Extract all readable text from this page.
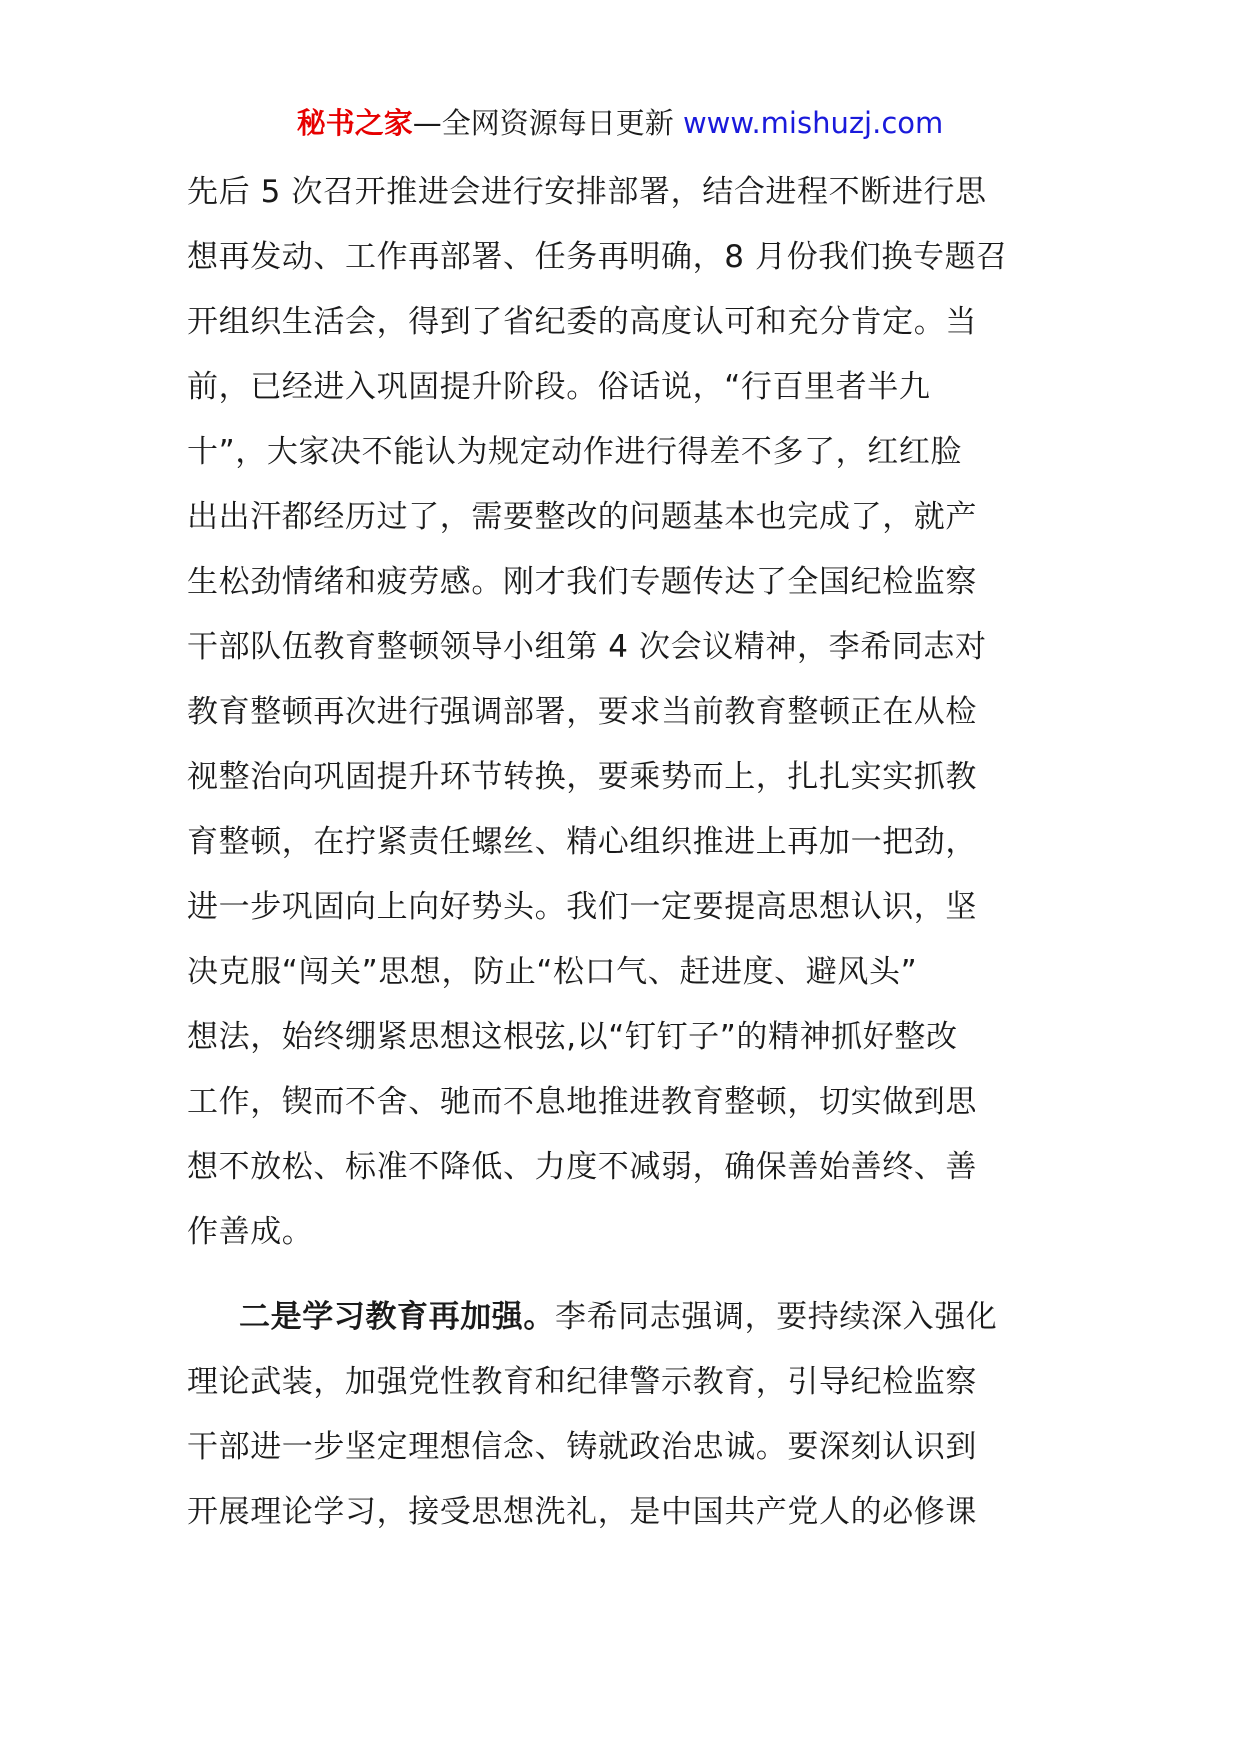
秘书之家—全网资源每日更新 www.mishuzj.com
先后 5 次召开推进会进行安排部署，结合进程不断进行思
想再发动、工作再部署、任务再明确，8 月份我们换专题召
开组织生活会，得到了省纪委的高度认可和充分肯定。当
前，已经进入巩固提升阶段。俗话说，“行百里者半九
十”，大家决不能认为规定动作进行得差不多了，红红脸
出出汗都经历过了，需要整改的问题基本也完成了，就产
生松劲情绪和疲劳感。刚才我们专题传达了全国纪检监察
干部队伍教育整顿领导小组第 4 次会议精神，李希同志对
教育整顿再次进行强调部署，要求当前教育整顿正在从检
视整治向巩固提升环节转换，要乘势而上，扎扎实实抓教
育整顿，在拧紧责任螺丝、精心组织推进上再加一把劲，
进一步巩固向上向好势头。我们一定要提高思想认识，坚
决克服“闯关”思想，防止“松口气、赶进度、避风头”
想法，始终绷紧思想这根弦,以“钉钉子”的精神抓好整改
工作，锲而不舍、驰而不息地推进教育整顿，切实做到思
想不放松、标准不降低、力度不减弱，确保善始善终、善
作善成。
二是学习教育再加强。李希同志强调，要持续深入强化
理论武装，加强党性教育和纪律警示教育，引导纪检监察
干部进一步坚定理想信念、铸就政治忠诚。要深刻认识到
开展理论学习，接受思想洗礼，是中国共产党人的必修课
